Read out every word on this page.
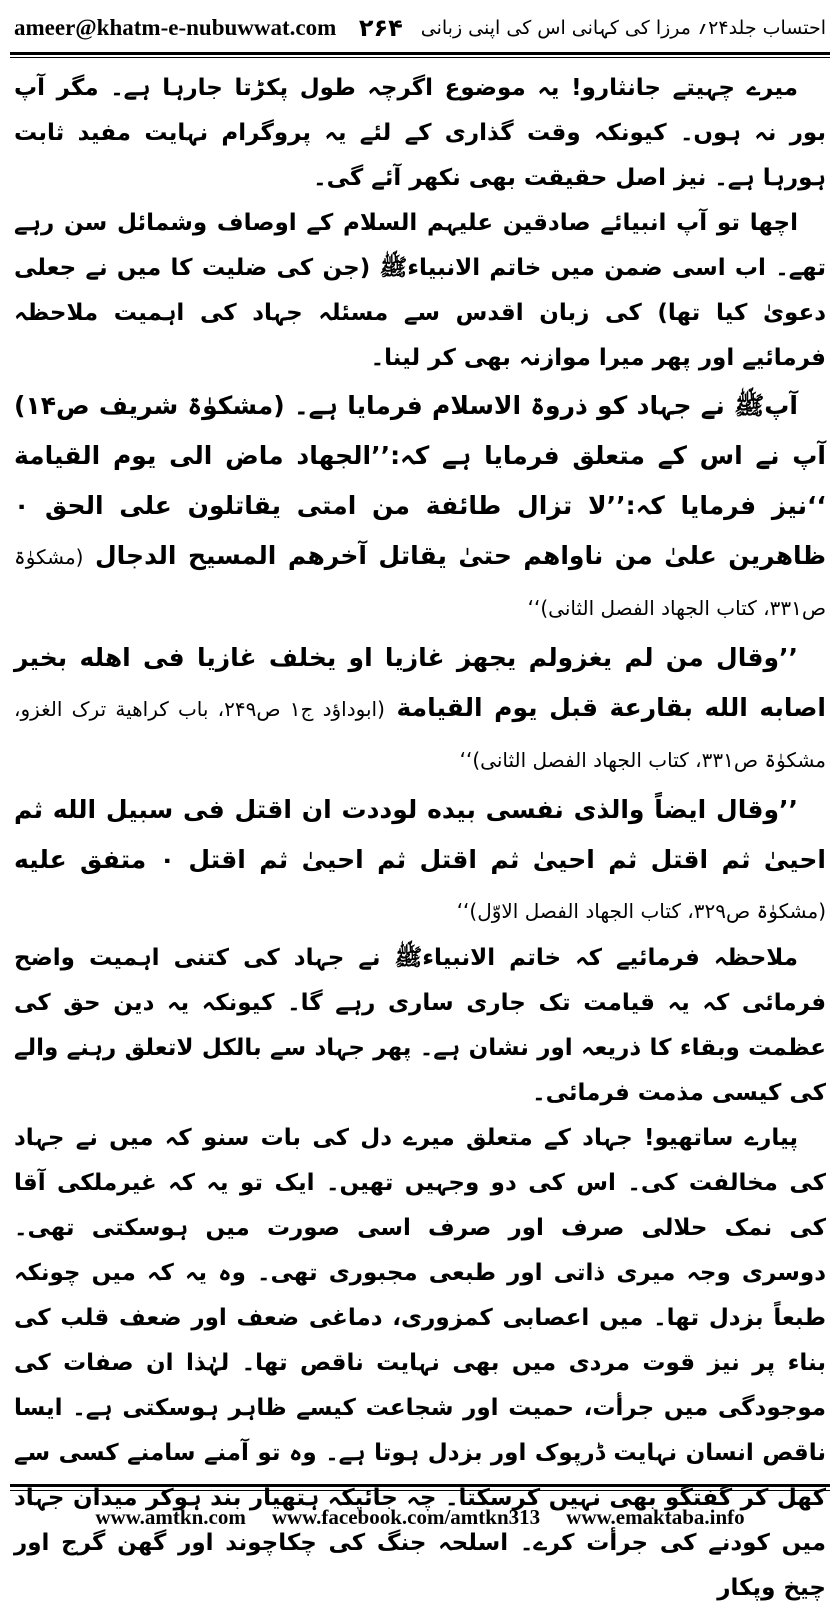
ameer@khatm-e-nubuwwat.com	احتساب جلد۲۴؍ مرزا کی کہانی اس کی اپنی زبانی
۲۶۴

میرے چہیتے جانثارو! یہ موضوع اگرچہ طول پکڑتا جارہا ہے۔ مگر آپ بور نہ ہوں۔ کیونکہ وقت گذاری کے لئے یہ پروگرام نہایت مفید ثابت ہورہا ہے۔ نیز اصل حقیقت بھی نکھر آئے گی۔

اچھا تو آپ انبیائے صادقین علیہم السلام کے اوصاف وشمائل سن رہے تھے۔ اب اسی ضمن میں خاتم الانبیاءﷺ (جن کی ضلیت کا میں نے جعلی دعویٰ کیا تھا) کی زبان اقدس سے مسئلہ جہاد کی اہمیت ملاحظہ فرمائیے اور پھر میرا موازنہ بھی کر لینا۔

آپﷺ نے جہاد کو ذروۃ الاسلام فرمایا ہے۔ (مشکوٰۃ شریف ص۱۴) آپ نے اس کے متعلق فرمایا ہے کہ:’’الجهاد ماض الی یوم القیامة ‘‘نیز فرمایا کہ:’’لا تزال طائفة من امتی یقاتلون علی الحق ۰ ظاهرین علیٰ من ناواهم حتیٰ یقاتل آخرهم المسیح الدجال (مشکوٰۃ ص۳۳۱، کتاب الجهاد الفصل الثانی)‘‘

’’وقال من لم یغزولم یجهز غازیا او یخلف غازیا فی اهله بخیر اصابه الله بقارعة قبل یوم القیامة (ابوداؤد ج۱ ص۲۴۹، باب کراهیة ترک الغزو، مشکوٰۃ ص۳۳۱، کتاب الجهاد الفصل الثانی)‘‘

’’وقال ایضاً والذی نفسی بیده لوددت ان اقتل فی سبیل الله ثم احییٰ ثم اقتل ثم احییٰ ثم اقتل ثم احییٰ ثم اقتل ۰ متفق علیه (مشکوٰۃ ص۳۲۹، کتاب الجهاد الفصل الاوّل)‘‘

ملاحظہ فرمائیے کہ خاتم الانبیاءﷺ نے جہاد کی کتنی اہمیت واضح فرمائی کہ یہ قیامت تک جاری ساری رہے گا۔ کیونکہ یہ دین حق کی عظمت وبقاء کا ذریعہ اور نشان ہے۔ پھر جہاد سے بالکل لاتعلق رہنے والے کی کیسی مذمت فرمائی۔

پیارے ساتھیو! جہاد کے متعلق میرے دل کی بات سنو کہ میں نے جہاد کی مخالفت کی۔ اس کی دو وجہیں تھیں۔ ایک تو یہ کہ غیرملکی آقا کی نمک حلالی صرف اور صرف اسی صورت میں ہوسکتی تھی۔ دوسری وجہ میری ذاتی اور طبعی مجبوری تھی۔ وہ یہ کہ میں چونکہ طبعاً بزدل تھا۔ میں اعصابی کمزوری، دماغی ضعف اور ضعف قلب کی بناء پر نیز قوت مردی میں بھی نہایت ناقص تھا۔ لہٰذا ان صفات کی موجودگی میں جرأت، حمیت اور شجاعت کیسے ظاہر ہوسکتی ہے۔ ایسا ناقص انسان نہایت ڈرپوک اور بزدل ہوتا ہے۔ وہ تو آمنے سامنے کسی سے کھل کر گفتگو بھی نہیں کرسکتا۔ چہ جائیکہ ہتھیار بند ہوکر میدان جہاد میں کودنے کی جرأت کرے۔ اسلحہ جنگ کی چکاچوند اور گھن گرج اور چیخ وپکار

www.amtkn.com www.facebook.com/amtkn313 www.emaktaba.info
